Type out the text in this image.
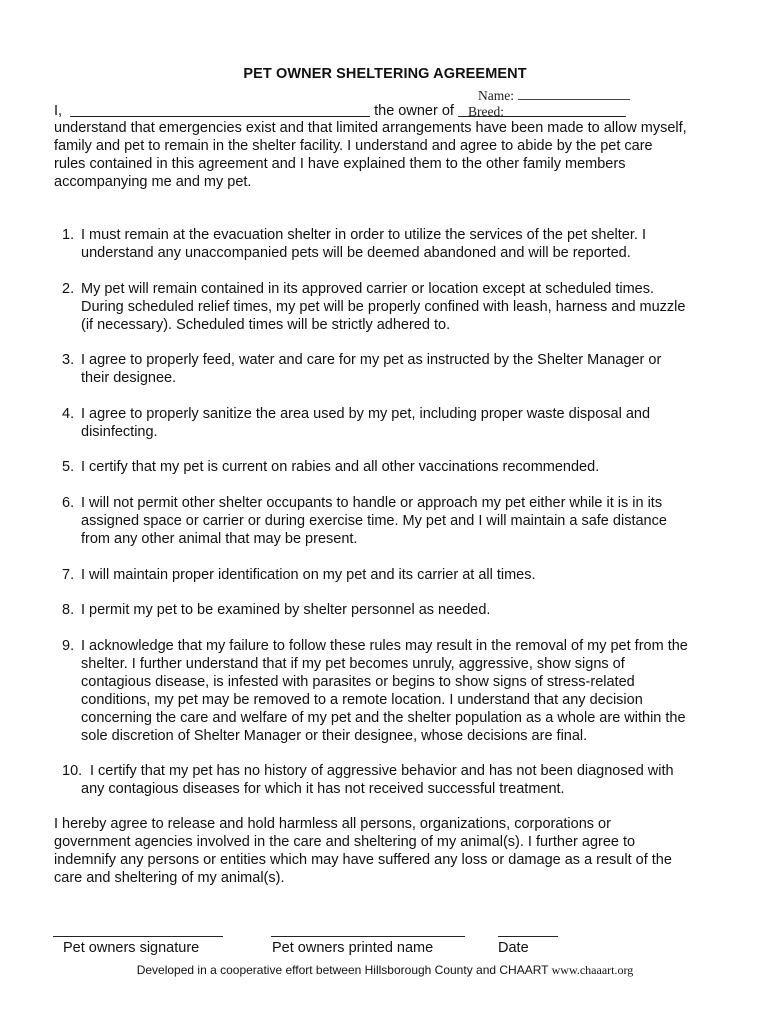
PET OWNER SHELTERING AGREEMENT
Name:
I,	the owner of Breed:
understand that emergencies exist and that limited arrangements have been made to allow myself,
family and pet to remain in the shelter facility. I understand and agree to abide by the pet care
rules contained in this agreement and I have explained them to the other family members
accompanying me and my pet.
1. I must remain at the evacuation shelter in order to utilize the services of the pet shelter. I
understand any unaccompanied pets will be deemed abandoned and will be reported.
2. My pet will remain contained in its approved carrier or location except at scheduled times.
During scheduled relief times, my pet will be properly confined with leash, harness and muzzle
(if necessary). Scheduled times will be strictly adhered to.
3. I agree to properly feed, water and care for my pet as instructed by the Shelter Manager or
their designee.
4. I agree to properly sanitize the area used by my pet, including proper waste disposal and
disinfecting.
5. I certify that my pet is current on rabies and all other vaccinations recommended.
6. I will not permit other shelter occupants to handle or approach my pet either while it is in its
assigned space or carrier or during exercise time. My pet and I will maintain a safe distance
from any other animal that may be present.
7. I will maintain proper identification on my pet and its carrier at all times.
8. I permit my pet to be examined by shelter personnel as needed.
9. I acknowledge that my failure to follow these rules may result in the removal of my pet from the
shelter. I further understand that if my pet becomes unruly, aggressive, show signs of
contagious disease, is infested with parasites or begins to show signs of stress-related
conditions, my pet may be removed to a remote location. I understand that any decision
concerning the care and welfare of my pet and the shelter population as a whole are within the
sole discretion of Shelter Manager or their designee, whose decisions are final.
10. I certify that my pet has no history of aggressive behavior and has not been diagnosed with
any contagious diseases for which it has not received successful treatment.
I hereby agree to release and hold harmless all persons, organizations, corporations or
government agencies involved in the care and sheltering of my animal(s). I further agree to
indemnify any persons or entities which may have suffered any loss or damage as a result of the
care and sheltering of my animal(s).
Pet owners signature	Pet owners printed name	Date
Developed in a cooperative effort between Hillsborough County and CHAART www.chaaart.org
